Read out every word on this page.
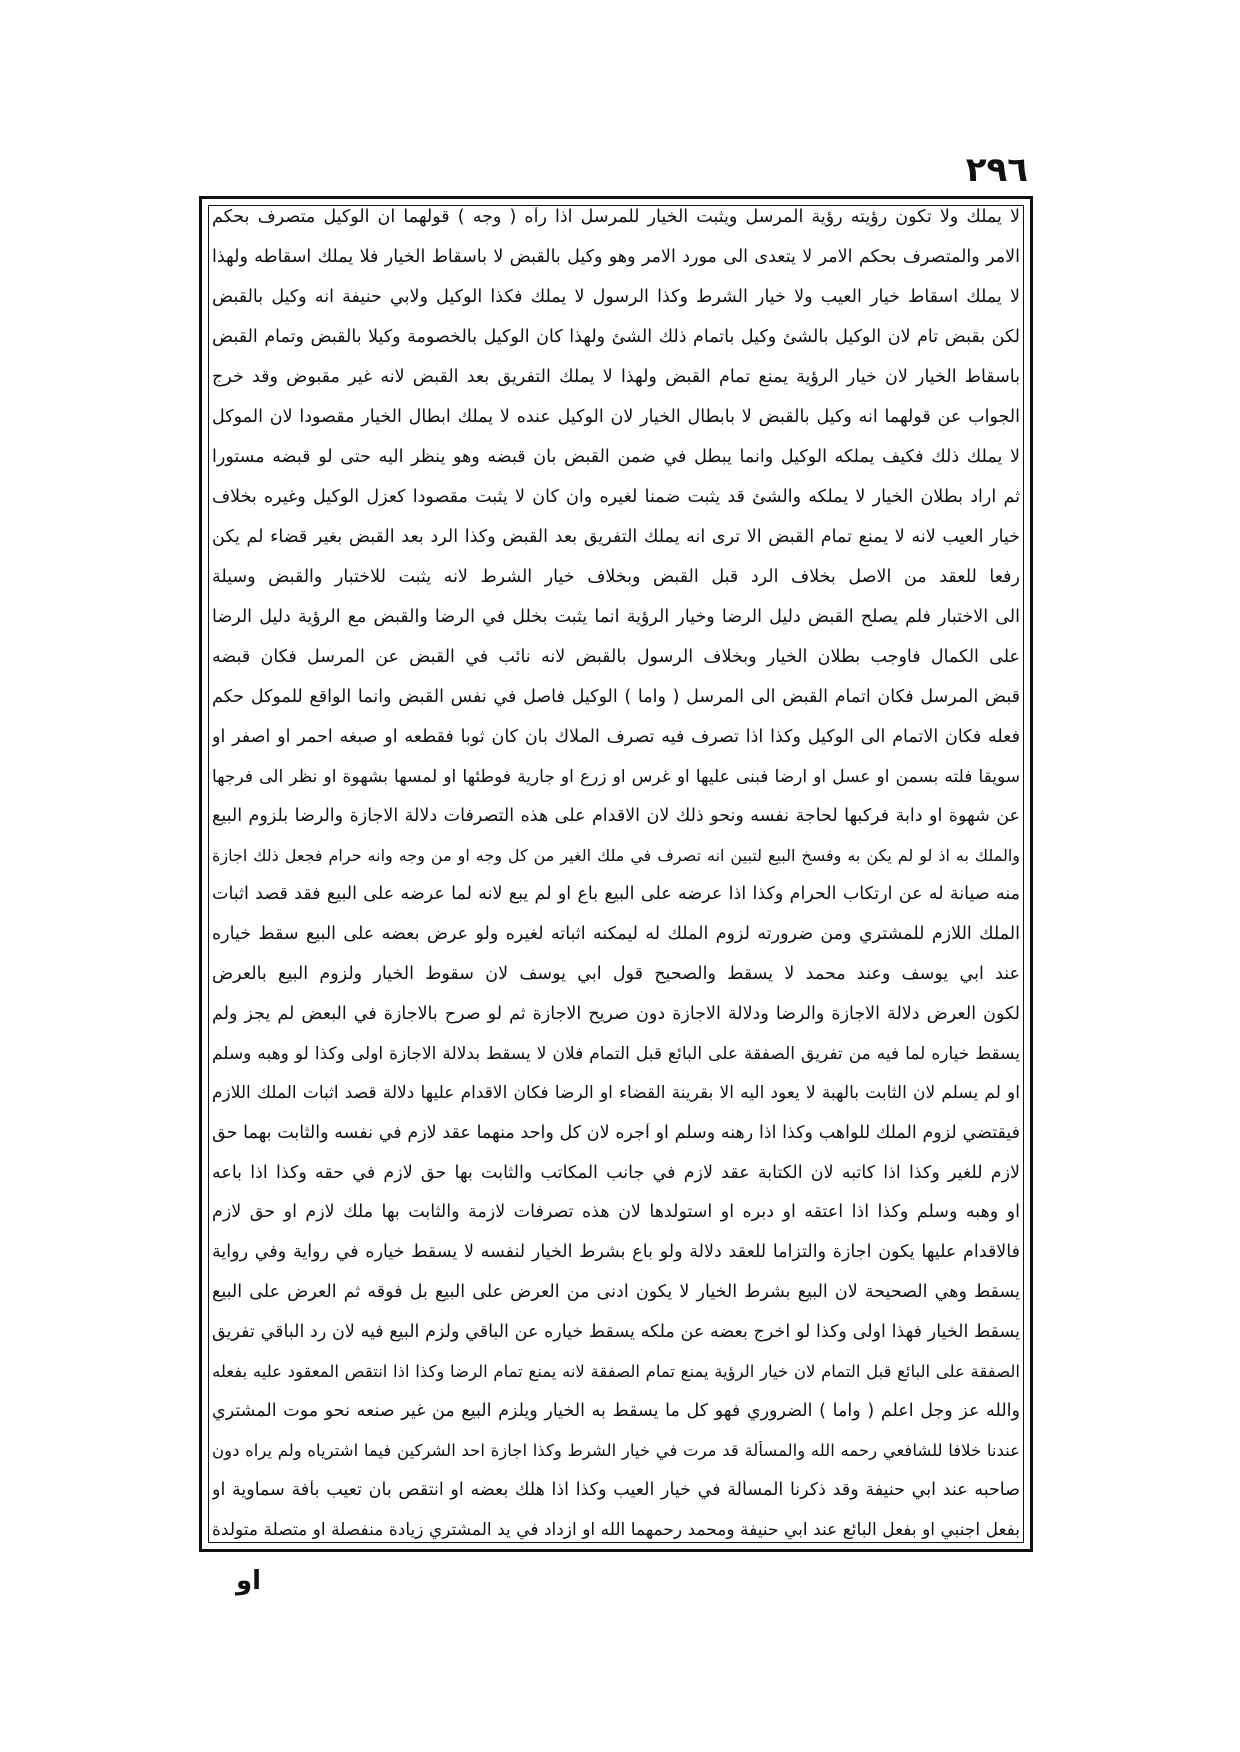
٢٩٦
لا يملك ولا تكون رؤيته رؤية المرسل ويثبت الخيار للمرسل اذا رآه ( وجه ) قولهما ان الوكيل متصرف بحكم
الامر والمتصرف بحكم الامر لا يتعدى الى مورد الامر وهو وكيل بالقبض لا باسقاط الخيار فلا يملك اسقاطه ولهذا
لا يملك اسقاط خيار العيب ولا خيار الشرط وكذا الرسول لا يملك فكذا الوكيل ولابي حنيفة انه وكيل بالقبض
لكن بقبض تام لان الوكيل بالشئ وكيل باتمام ذلك الشئ ولهذا كان الوكيل بالخصومة وكيلا بالقبض وتمام القبض
باسقاط الخيار لان خيار الرؤية يمنع تمام القبض ولهذا لا يملك التفريق بعد القبض لانه غير مقبوض وقد خرج
الجواب عن قولهما انه وكيل بالقبض لا بابطال الخيار لان الوكيل عنده لا يملك ابطال الخيار مقصودا لان الموكل
لا يملك ذلك فكيف يملكه الوكيل وانما يبطل في ضمن القبض بان قبضه وهو ينظر اليه حتى لو قبضه مستورا
ثم اراد بطلان الخيار لا يملكه والشئ قد يثبت ضمنا لغيره وان كان لا يثبت مقصودا كعزل الوكيل وغيره بخلاف
خيار العيب لانه لا يمنع تمام القبض الا ترى انه يملك التفريق بعد القبض وكذا الرد بعد القبض بغير قضاء لم يكن
رفعا للعقد من الاصل بخلاف الرد قبل القبض وبخلاف خيار الشرط لانه يثبت للاختبار والقبض وسيلة
الى الاختبار فلم يصلح القبض دليل الرضا وخيار الرؤية انما يثبت بخلل في الرضا والقبض مع الرؤية دليل الرضا
على الكمال فاوجب بطلان الخيار وبخلاف الرسول بالقبض لانه نائب في القبض عن المرسل فكان قبضه
قبض المرسل فكان اتمام القبض الى المرسل ( واما ) الوكيل فاصل في نفس القبض وانما الواقع للموكل حكم
فعله فكان الاتمام الى الوكيل وكذا اذا تصرف فيه تصرف الملاك بان كان ثوبا فقطعه او صبغه احمر او اصفر او
سويقا فلته بسمن او عسل او ارضا فبنى عليها او غرس او زرع او جارية فوطئها او لمسها بشهوة او نظر الى فرجها
عن شهوة او دابة فركبها لحاجة نفسه ونحو ذلك لان الاقدام على هذه التصرفات دلالة الاجازة والرضا بلزوم البيع
والملك به اذ لو لم يكن به وفسخ البيع لتبين انه تصرف في ملك الغير من كل وجه او من وجه وانه حرام فجعل ذلك اجازة
منه صيانة له عن ارتكاب الحرام وكذا اذا عرضه على البيع باع او لم يبع لانه لما عرضه على البيع فقد قصد اثبات
الملك اللازم للمشتري ومن ضرورته لزوم الملك له ليمكنه اثباته لغيره ولو عرض بعضه على البيع سقط خياره
عند ابي يوسف وعند محمد لا يسقط والصحيح قول ابي يوسف لان سقوط الخيار ولزوم البيع بالعرض
لكون العرض دلالة الاجازة والرضا ودلالة الاجازة دون صريح الاجازة ثم لو صرح بالاجازة في البعض لم يجز ولم
يسقط خياره لما فيه من تفريق الصفقة على البائع قبل التمام فلان لا يسقط بدلالة الاجازة اولى وكذا لو وهبه وسلم
او لم يسلم لان الثابت بالهبة لا يعود اليه الا بقرينة القضاء او الرضا فكان الاقدام عليها دلالة قصد اثبات الملك اللازم
فيقتضي لزوم الملك للواهب وكذا اذا رهنه وسلم او آجره لان كل واحد منهما عقد لازم في نفسه والثابت بهما حق
لازم للغير وكذا اذا كاتبه لان الكتابة عقد لازم في جانب المكاتب والثابت بها حق لازم في حقه وكذا اذا باعه
او وهبه وسلم وكذا اذا اعتقه او دبره او استولدها لان هذه تصرفات لازمة والثابت بها ملك لازم او حق لازم
فالاقدام عليها يكون اجازة والتزاما للعقد دلالة ولو باع بشرط الخيار لنفسه لا يسقط خياره في رواية وفي رواية
يسقط وهي الصحيحة لان البيع بشرط الخيار لا يكون ادنى من العرض على البيع بل فوقه ثم العرض على البيع
يسقط الخيار فهذا اولى وكذا لو اخرج بعضه عن ملكه يسقط خياره عن الباقي ولزم البيع فيه لان رد الباقي تفريق
الصفقة على البائع قبل التمام لان خيار الرؤية يمنع تمام الصفقة لانه يمنع تمام الرضا وكذا اذا انتقص المعقود عليه بفعله
والله عز وجل اعلم ( واما ) الضروري فهو كل ما يسقط به الخيار ويلزم البيع من غير صنعه نحو موت المشتري
عندنا خلافا للشافعي رحمه الله والمسألة قد مرت في خيار الشرط وكذا اجازة احد الشركين فيما اشترياه ولم يراه دون
صاحبه عند ابي حنيفة وقد ذكرنا المسألة في خيار العيب وكذا اذا هلك بعضه او انتقص بان تعيب بآفة سماوية او
بفعل اجنبي او بفعل البائع عند ابي حنيفة ومحمد رحمهما الله او ازداد في يد المشتري زيادة منفصلة او متصلة متولدة
او
